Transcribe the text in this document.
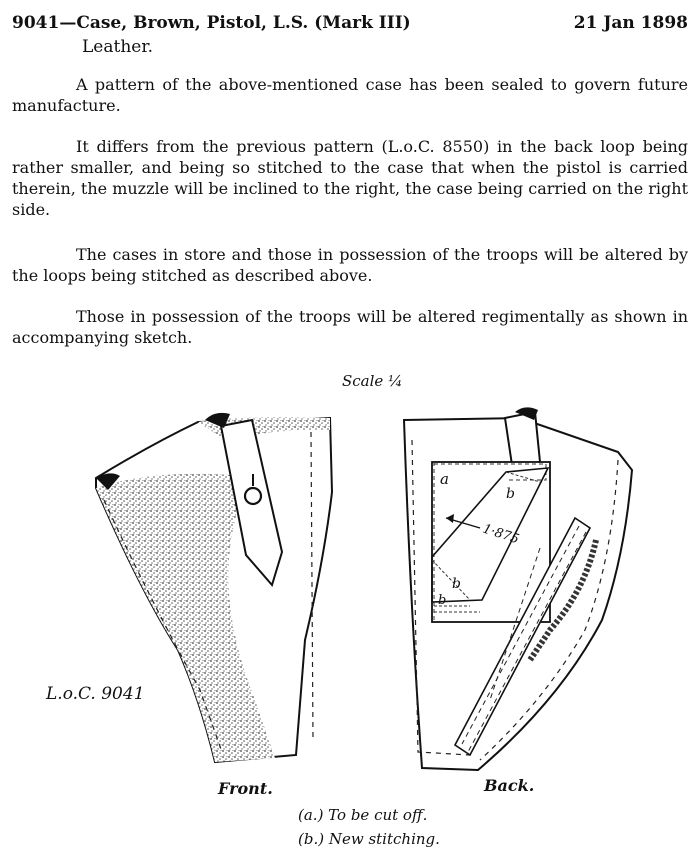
9041—Case, Brown, Pistol, L.S. (Mark III)	21 Jan 1898
Leather.
A pattern of the above-mentioned case has been sealed to govern future manufacture.
It differs from the previous pattern (L.o.C. 8550) in the back loop being rather smaller, and being so stitched to the case that when the pistol is carried therein, the muzzle will be inclined to the right, the case being carried on the right side.
The cases in store and those in possession of the troops will be altered by the loops being stitched as described above.
Those in possession of the troops will be altered regimentally as shown in accompanying sketch.
a
b
b
b
1·875
Scale ¼
L.o.C. 9041
Front.	Back.
(a.) To be cut off.
(b.) New stitching.
